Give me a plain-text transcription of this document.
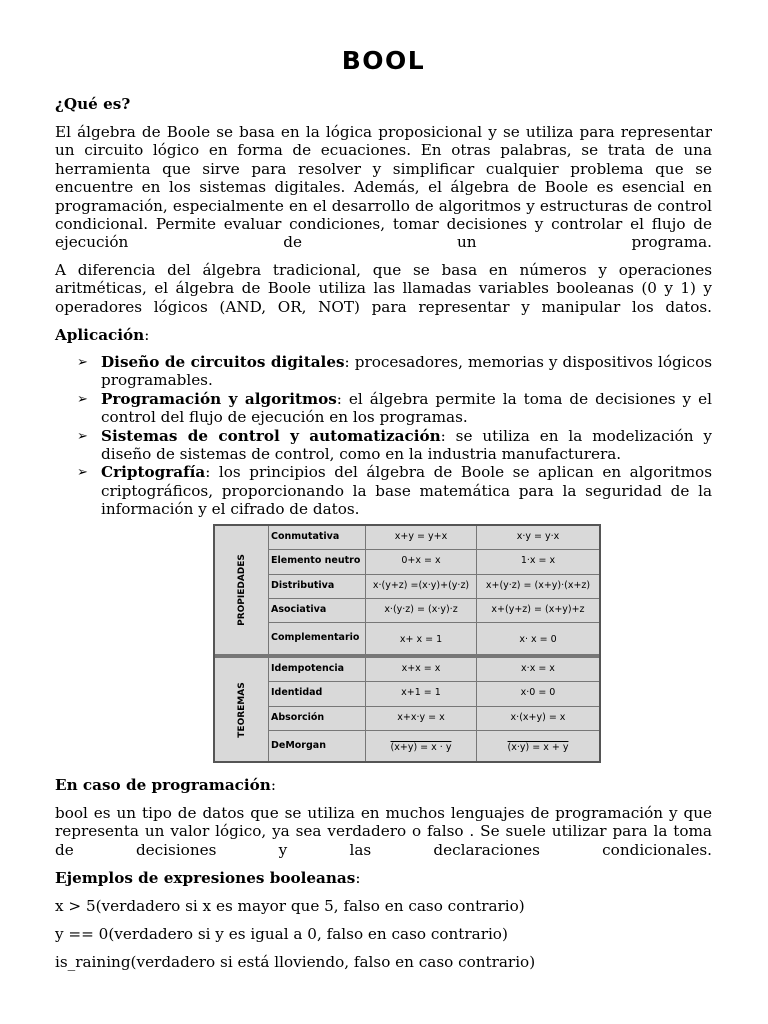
BOOL
¿Qué es?
El álgebra de Boole se basa en la lógica proposicional y se utiliza para representar un circuito lógico en forma de ecuaciones. En otras palabras, se trata de una herramienta que sirve para resolver y simplificar cualquier problema que se encuentre en los sistemas digitales. Además, el álgebra de Boole es esencial en programación, especialmente en el desarrollo de algoritmos y estructuras de control condicional. Permite evaluar condiciones, tomar decisiones y controlar el flujo de ejecución de un programa.
A diferencia del álgebra tradicional, que se basa en números y operaciones aritméticas, el álgebra de Boole utiliza las llamadas variables booleanas (0 y 1) y operadores lógicos (AND, OR, NOT) para representar y manipular los datos.
Aplicación:
➢ Diseño de circuitos digitales: procesadores, memorias y dispositivos lógicos programables.
➢ Programación y algoritmos: el álgebra permite la toma de decisiones y el control del flujo de ejecución en los programas.
➢ Sistemas de control y automatización: se utiliza en la modelización y diseño de sistemas de control, como en la industria manufacturera.
➢ Criptografía: los principios del álgebra de Boole se aplican en algoritmos criptográficos, proporcionando la base matemática para la seguridad de la información y el cifrado de datos.
PROPIEDADES
TEOREMAS
Conmutativa	x+y = y+x	x·y = y·x
Elemento neutro	0+x = x	1·x = x
Distributiva	x·(y+z) =(x·y)+(y·z)	x+(y·z) = (x+y)·(x+z)
Asociativa	x·(y·z) = (x·y)·z	x+(y+z) = (x+y)+z
Complementario	x+ x = 1	x· x = 0
Idempotencia	x+x = x	x·x = x
Identidad	x+1 = 1	x·0 = 0
Absorción	x+x·y = x	x·(x+y) = x
DeMorgan	(x+y) = x · y	(x·y) = x + y
En caso de programación:
bool es un tipo de datos que se utiliza en muchos lenguajes de programación y que representa un valor lógico, ya sea verdadero o falso . Se suele utilizar para la toma de decisiones y las declaraciones condicionales.
Ejemplos de expresiones booleanas:
x > 5(verdadero si x es mayor que 5, falso en caso contrario)
y == 0(verdadero si y es igual a 0, falso en caso contrario)
is_raining(verdadero si está lloviendo, falso en caso contrario)
